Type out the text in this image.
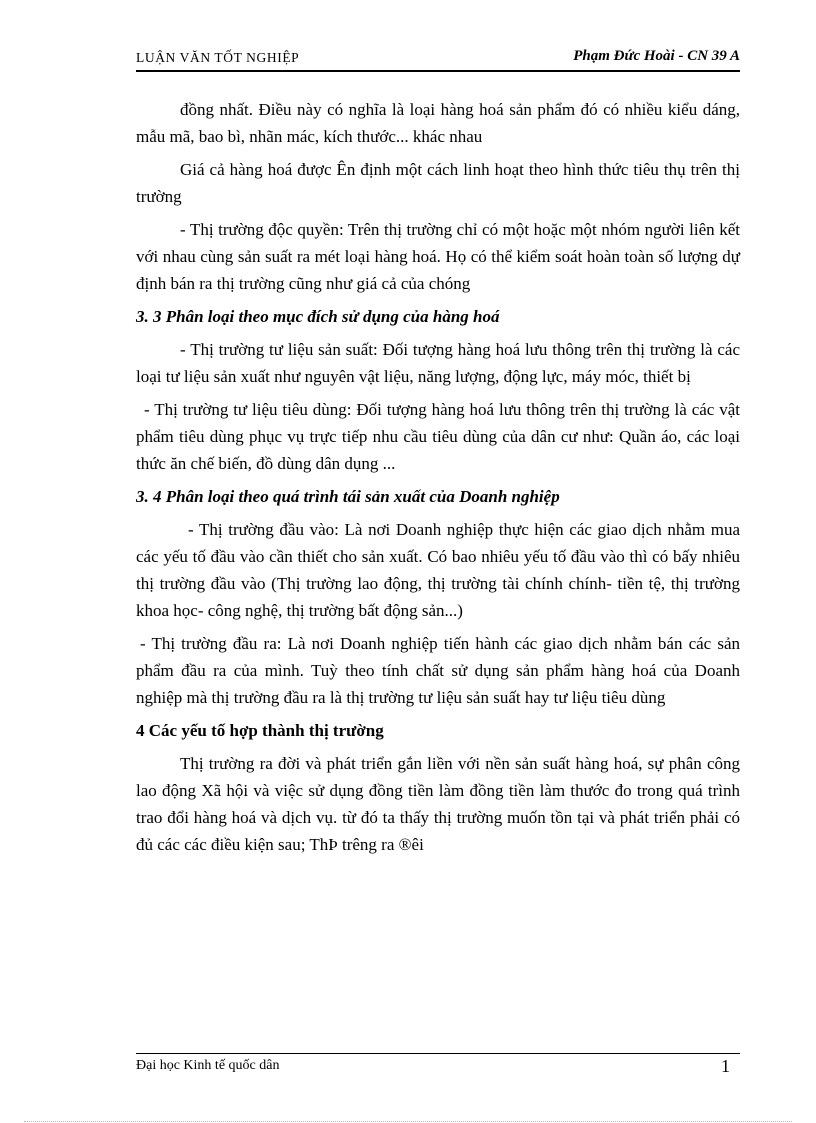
LUẬN VĂN TỐT NGHIỆP	Phạm Đức Hoài - CN 39 A

đồng nhất. Điều này có nghĩa là loại hàng hoá sản phẩm đó có nhiều kiểu dáng, mẫu mã, bao bì, nhãn mác, kích thước... khác nhau

Giá cả hàng hoá được Ên định một cách linh hoạt theo hình thức tiêu thụ trên thị trường

- Thị trường độc quyền: Trên thị trường chỉ có một hoặc một nhóm người liên kết với nhau cùng sản suất ra mét loại hàng hoá. Họ có thể kiểm soát hoàn toàn số lượng dự định bán ra thị trường cũng như giá cả của chóng

3. 3 Phân loại theo mục đích sử dụng của hàng hoá

- Thị trường tư liệu sản suất: Đối tượng hàng hoá lưu thông trên thị trường là các loại tư liệu sản xuất như nguyên vật liệu, năng lượng, động lực, máy móc, thiết bị

- Thị trường tư liệu tiêu dùng: Đối tượng hàng hoá lưu thông trên thị trường là các vật phẩm tiêu dùng phục vụ trực tiếp nhu cầu tiêu dùng của dân cư như: Quần áo, các loại thức ăn chế biến, đồ dùng dân dụng ...

3. 4 Phân loại theo quá trình tái sản xuất của Doanh nghiệp

- Thị trường đầu vào: Là nơi Doanh nghiệp thực hiện các giao dịch nhằm mua các yếu tố đầu vào cần thiết cho sản xuất. Có bao nhiêu yếu tố đầu vào thì có bấy nhiêu thị trường đầu vào (Thị trường lao động, thị trường tài chính chính- tiền tệ, thị trường khoa học- công nghệ, thị trường bất động sản...)

- Thị trường đầu ra: Là nơi Doanh nghiệp tiến hành các giao dịch nhằm bán các sản phẩm đầu ra của mình. Tuỳ theo tính chất sử dụng sản phẩm hàng hoá của Doanh nghiệp mà thị trường đầu ra là thị trường tư liệu sản suất hay tư liệu tiêu dùng

4 Các yếu tố hợp thành thị trường

Thị trường ra đời và phát triển gắn liền với nền sản suất hàng hoá, sự phân công lao động Xã hội và việc sử dụng đồng tiền làm đồng tiền làm thước đo trong quá trình trao đổi hàng hoá và dịch vụ. từ đó ta thấy thị trường muốn tồn tại và phát triển phải có đủ các các điều kiện sau; ThÞ trêng ra ®êi

Đại học Kinh tế quốc dân	1
